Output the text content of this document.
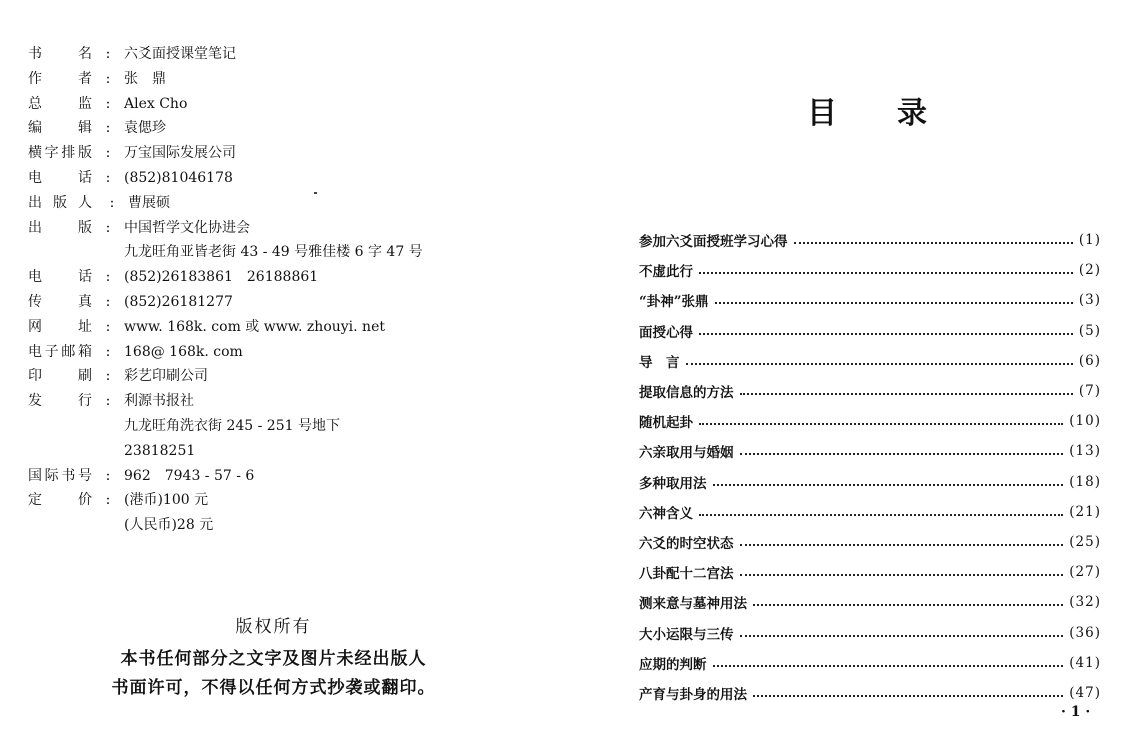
书	名 : 六爻面授课堂笔记
作	者 : 张　鼎
总	监 : Alex Cho
编	辑 : 袁偲珍
横 字 排 版 : 万宝国际发展公司
电	话 : (852)81046178
出 版 人	: 曹展硕
出	版 : 中国哲学文化协进会
九龙旺角亚皆老街 43 - 49 号雅佳楼 6 字 47 号
电	话 : (852)26183861　26188861
传	真 : (852)26181277
网	址 : www. 168k. com 或 www. zhouyi. net
电 子 邮 箱 : 168@ 168k. com
印	刷 : 彩艺印刷公司
发	行 : 利源书报社
九龙旺角洗衣街 245 - 251 号地下
23818251
国 际 书 号 : 962　7943 - 57 - 6
定	价 : (港币)100 元
(人民币)28 元
版权所有
本书任何部分之文字及图片未经出版人
书面许可，不得以任何方式抄袭或翻印。
目录
参加六爻面授班学习心得	(1)
不虚此行	(2)
“卦神”张鼎	(3)
面授心得	(5)
导　言	(6)
提取信息的方法	(7)
随机起卦	(10)
六亲取用与婚姻	(13)
多种取用法	(18)
六神含义	(21)
六爻的时空状态	(25)
八卦配十二宫法	(27)
测来意与墓神用法	(32)
大小运限与三传	(36)
应期的判断	(41)
产育与卦身的用法	(47)
· 1 ·
